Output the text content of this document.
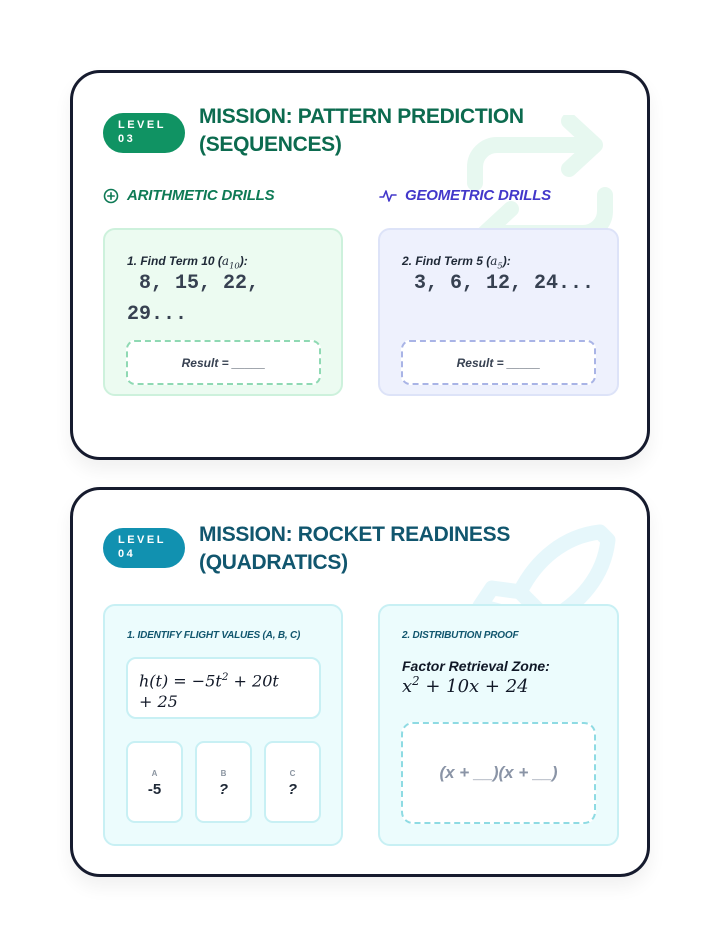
LEVEL
03
MISSION: PATTERN PREDICTION (SEQUENCES)
ARITHMETIC DRILLS	GEOMETRIC DRILLS
1. Find Term 10 $(a_{10})$:
8, 15, 22, 29...
Result = _____
2. Find Term 5 $(a_5)$:
3, 6, 12, 24...
Result = _____
LEVEL
04
MISSION: ROCKET READINESS (QUADRATICS)
1. IDENTIFY FLIGHT VALUES (A, B, C)
$h(t) = -5t^2 + 20t$
+ 25
A
-5
B
?
C
?
2. DISTRIBUTION PROOF
Factor Retrieval Zone:
$x^2 + 10x + 24$
(x + __)(x + __)
